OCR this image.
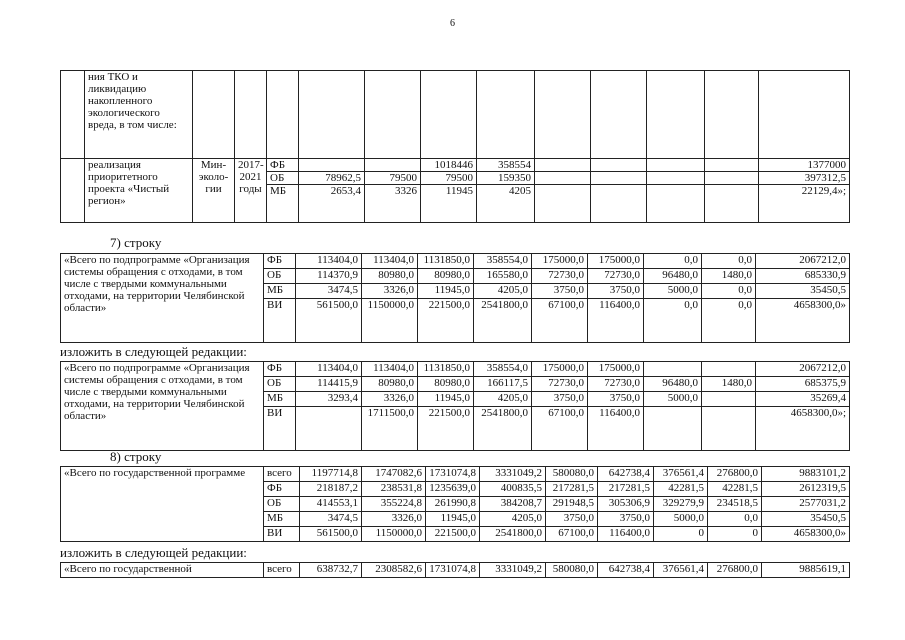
6
	ния ТКО и ликвидацию накопленного экологического вреда, в том числе:												
	реализация приоритетного проекта «Чистый регион»	Мин-эколо-гии	2017-2021 годы	ФБ			1018446	358554					1377000
				ОБ	78962,5	79500	79500	159350					397312,5
				МБ	2653,4	3326	11945	4205					22129,4»;
7) строку
«Всего по подпрограмме «Организация системы обращения с отходами, в том числе с твердыми коммунальными отходами, на территории Челябинской области»	ФБ	113404,0	113404,0	1131850,0	358554,0	175000,0	175000,0	0,0	0,0	2067212,0
	ОБ	114370,9	80980,0	80980,0	165580,0	72730,0	72730,0	96480,0	1480,0	685330,9
	МБ	3474,5	3326,0	11945,0	4205,0	3750,0	3750,0	5000,0	0,0	35450,5
	ВИ	561500,0	1150000,0	221500,0	2541800,0	67100,0	116400,0	0,0	0,0	4658300,0»
изложить в следующей редакции:
«Всего по подпрограмме «Организация системы обращения с отходами, в том числе с твердыми коммунальными отходами, на территории Челябинской области»	ФБ	113404,0	113404,0	1131850,0	358554,0	175000,0	175000,0			2067212,0
	ОБ	114415,9	80980,0	80980,0	166117,5	72730,0	72730,0	96480,0	1480,0	685375,9
	МБ	3293,4	3326,0	11945,0	4205,0	3750,0	3750,0	5000,0		35269,4
	ВИ		1711500,0	221500,0	2541800,0	67100,0	116400,0			4658300,0»;
8) строку
«Всего по государственной программе	всего	1197714,8	1747082,6	1731074,8	3331049,2	580080,0	642738,4	376561,4	276800,0	9883101,2
	ФБ	218187,2	238531,8	1235639,0	400835,5	217281,5	217281,5	42281,5	42281,5	2612319,5
	ОБ	414553,1	355224,8	261990,8	384208,7	291948,5	305306,9	329279,9	234518,5	2577031,2
	МБ	3474,5	3326,0	11945,0	4205,0	3750,0	3750,0	5000,0	0,0	35450,5
	ВИ	561500,0	1150000,0	221500,0	2541800,0	67100,0	116400,0	0	0	4658300,0»
изложить в следующей редакции:
«Всего по государственной	всего	638732,7	2308582,6	1731074,8	3331049,2	580080,0	642738,4	376561,4	276800,0	9885619,1
